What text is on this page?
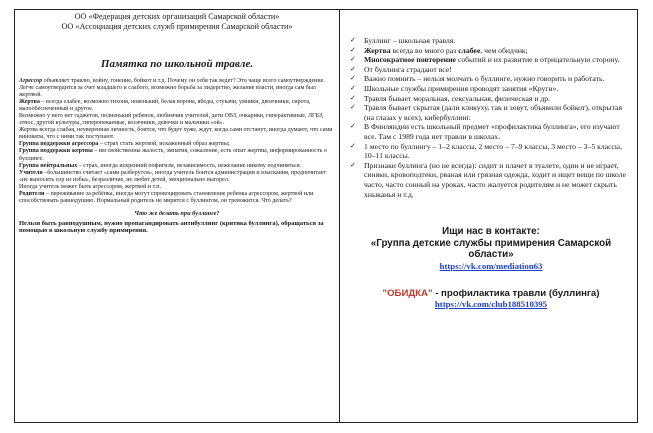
ОО «Федерация детских организаций Самарской области»
ОО «Ассоциация детских служб примирения Самарской области»
Памятка по школьной травле.

Агрессор объявляет травлю, войну, гонение, бойкот и т.д. Почему он себя так ведет? Это чаще всего самоутверждение. Легче самоутвердится за счет младшего и слабого, возможно борьба за лидерство, желание власти, иногда сам был жертвой.

Жертва – всегда слабее, возможно тихоня, новенький, белая ворона, ябеды, стукачи, умники, двоечники, сирота, малообеспеченный и другое.

Возможно у него нет гаджетов, полненький ребенок, любимчик учителей, дети ОВЗ, очкарики, гиперактивные, ЛГБЗ, этнос, другой культуры, гиперопекаемые, косячники, девочки и мальчики «ой».

Жертва всегда слабая, неуверенная личность, боится, что будет хуже, ждут, когда сами отстанут, иногда думают, что сами виноваты, что с ними так поступают.

Группа поддержки агрессора – страх стать жертвой, искаженный образ жертвы;

Группа поддержки жертвы – им свойственны жалость, эмпатия, сожаление, есть опыт жертвы, информированность о буллинге.

Группа нейтральных – страх, иногда искренний пофигизм, независимость, нежелание никому подчиняться.

Учителя –большинство считает «сами разберутся», иногда учитель боится администрации и взыскания, предпочитает «не выносить сор из избы», безразличие, не любят детей, эмоционально выгорел.

Иногда учитель может быть агрессором, жертвой и т.п.

Родители – переживание за ребёнка, иногда могут спровоцировать становление ребенка агрессором, жертвой или способствовать равнодушию. Нормальный родитель не мирится с буллингом, он тревожится. Что делать?

Что же делать при буллинге?

Нельзя быть равнодушным, нужно пропагандировать антибуллинг (критика буллинга), обращаться за помощью в школьную службу примирения.

✓ Буллинг – школьная травля.
✓ Жертва всегда во много раз слабее, чем обидчик;
✓ Многократное повторение событий и их развитие в отрицательную сторону.
✓ От буллинга страдают все!
✓ Важно помнить – нельзя молчать о буллинге, нужно говорить и работать.
✓ Школьные службы примирения проводят занятия «Круги».
✓ Травля бывает моральная, сексуальная, физическая и др.
✓ Травля бывает скрытая (дали кликуху, так и зовут, объявили бойкот), открытая (на глазах у всех), кибербуллинг.
✓ В Финляндии есть школьный предмет «профилактика буллинга», его изучают все. Там с 1989 года нет травли в школах.
✓ 1 место по буллингу – 1–2 классы, 2 место – 7–9 классы, 3 место – 3–5 классы, 10–11 классы.
✓ Признаки буллинга (но не всегда): сидит и плачет в туалете, один и не играет, синяки, кровоподтеки, рваная или грязная одежда, ходит и ищет вещи по школе часто, часто сонный на уроках, часто жалуется родителям и не может скрыть хныканья и т.д.
Ищи нас в контакте:
«Группа детские службы примирения Самарской области»
https://vk.com/mediation63
"ОБИДКА" - профилактика травли (буллинга)
https://vk.com/club188510395
